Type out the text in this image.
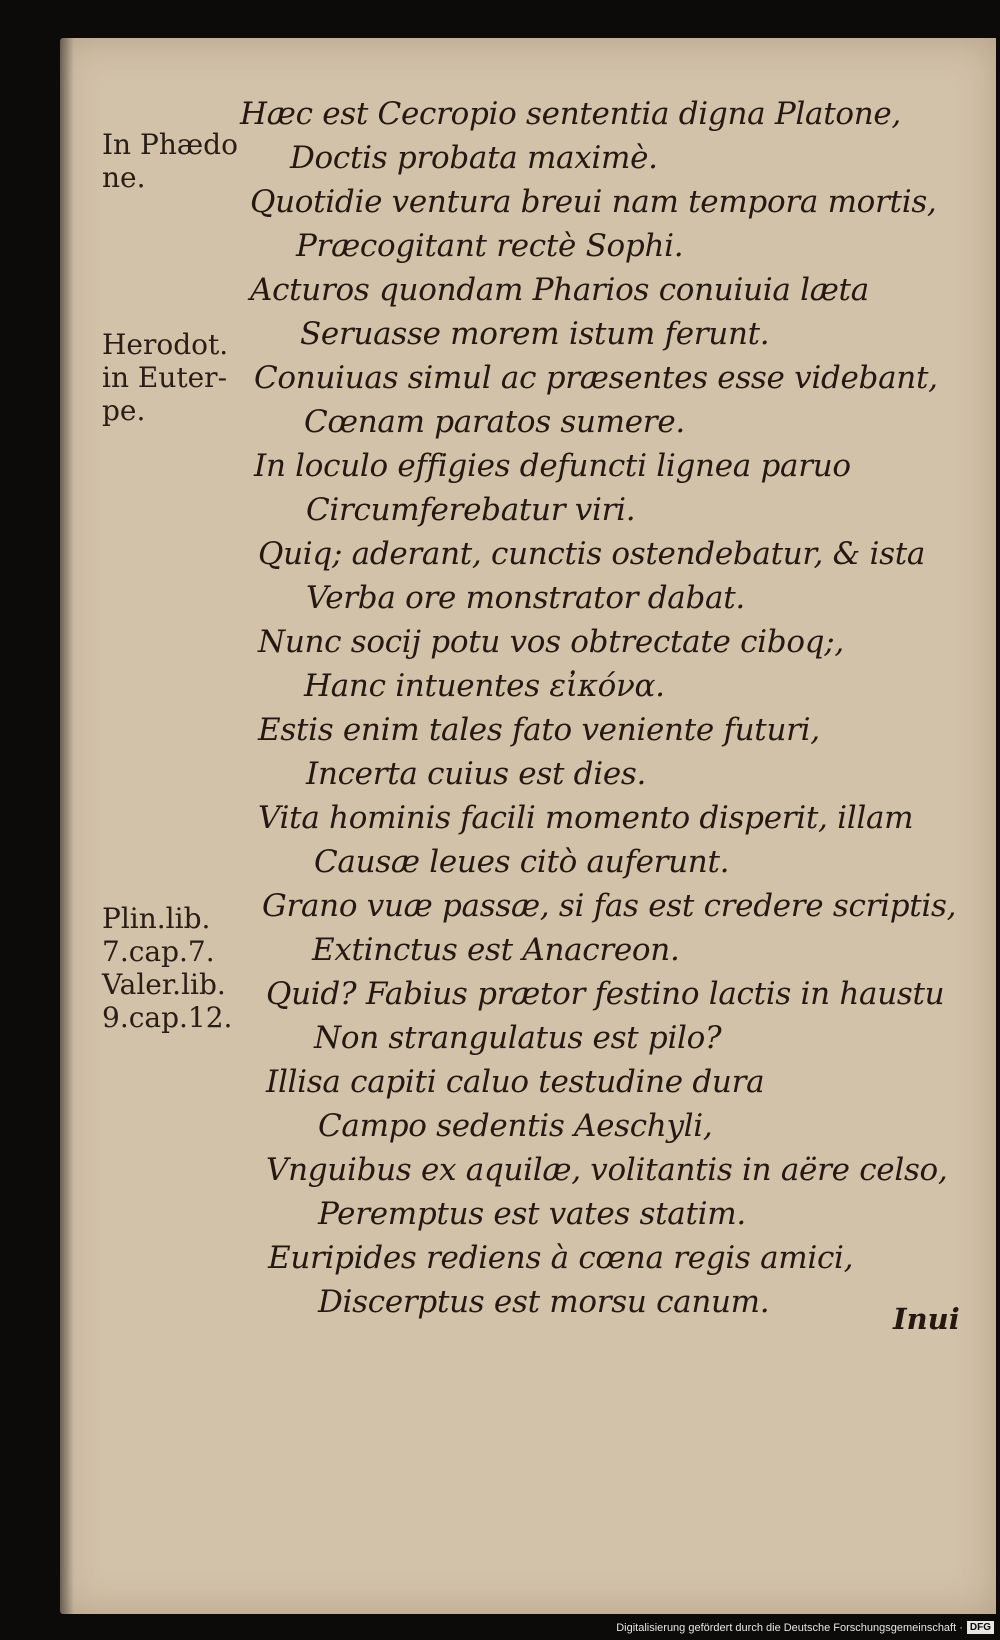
In Phædo
ne.

Herodot.
in Euter-
pe.

Plin.lib.
7.cap.7.
Valer.lib.
9.cap.12.

Hæc est Cecropio sententia digna Platone,
Doctis probata maximè.
Quotidie ventura breui nam tempora mortis,
Præcogitant rectè Sophi.
Acturos quondam Pharios conuiuia læta
Seruasse morem istum ferunt.
Conuiuas simul ac præsentes esse videbant,
Cœnam paratos sumere.
In loculo effigies defuncti lignea paruo
Circumferebatur viri.
Quiq; aderant, cunctis ostendebatur, & ista
Verba ore monstrator dabat.
Nunc socij potu vos obtrectate ciboq;,
Hanc intuentes εἰκόνα.
Estis enim tales fato veniente futuri,
Incerta cuius est dies.
Vita hominis facili momento disperit, illam
Causæ leues citò auferunt.
Grano vuæ passæ, si fas est credere scriptis,
Extinctus est Anacreon.
Quid? Fabius prætor festino lactis in haustu
Non strangulatus est pilo?
Illisa capiti caluo testudine dura
Campo sedentis Aeschyli,
Vnguibus ex aquilæ, volitantis in aëre celso,
Peremptus est vates statim.
Euripides rediens à cœna regis amici,
Discerptus est morsu canum.	Inui
Digitalisierung gefördert durch die Deutsche Forschungsgemeinschaft · DFG
